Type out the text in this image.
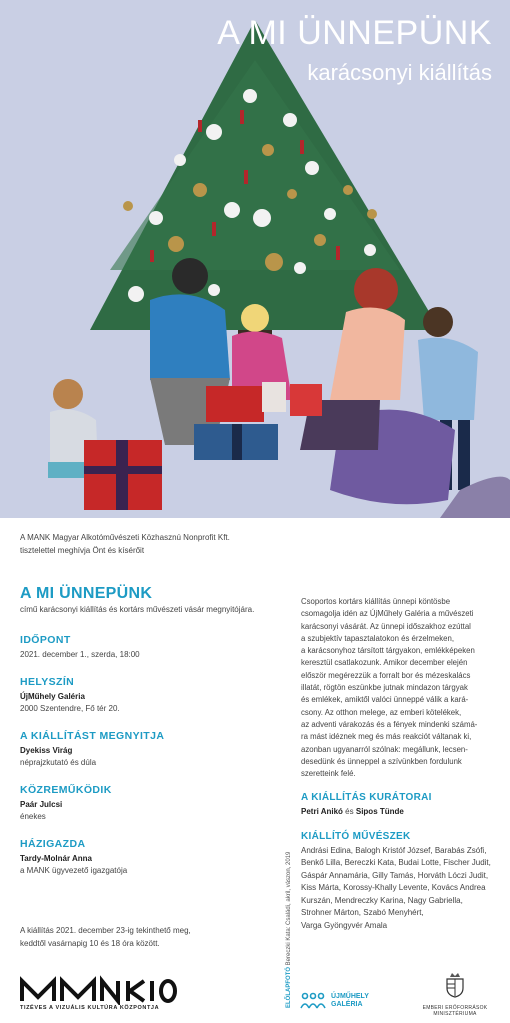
A MI ÜNNEPÜNK
karácsonyi kiállítás
A MANK Magyar Alkotóművészeti Közhasznú Nonprofit Kft.
tisztelettel meghívja Önt és kísérőit
A MI ÜNNEPÜNK
című karácsonyi kiállítás és kortárs művészeti vásár megnyitójára.
IDŐPONT
2021. december 1., szerda, 18:00
HELYSZÍN
ÚjMűhely Galéria
2000 Szentendre, Fő tér 20.
A KIÁLLÍTÁST MEGNYITJA
Dyekiss Virág
néprajzkutató és dúla
KÖZREMŰKÖDIK
Paár Julcsi
énekes
HÁZIGAZDA
Tardy-Molnár Anna
a MANK ügyvezető igazgatója
A kiállítás 2021. december 23-ig tekinthető meg,
keddtől vasárnapig 10 és 18 óra között.
Csoportos kortárs kiállítás ünnepi köntösbe
csomagolja idén az ÚjMűhely Galéria a művészeti
karácsonyi vásárát. Az ünnepi időszakhoz ezúttal
a szubjektív tapasztalatokon és érzelmeken,
a karácsonyhoz társított tárgyakon, emlékképeken
keresztül csatlakozunk. Amikor december elején
először megérezzük a forralt bor és mézeskalács
illatát, rögtön eszünkbe jutnak mindazon tárgyak
és emlékek, amiktől valóci ünneppé válik a kará-
csony. Az otthon melege, az emberi kötelékek,
az adventi várakozás és a fények mindenki számá-
ra mást idéznek meg és más reakciót váltanak ki,
azonban ugyanarról szólnak: megállunk, lecsen-
desedünk és ünneppel a szívünkben fordulunk
szeretteink felé.
A KIÁLLÍTÁS KURÁTORAI
Petri Anikó és Sipos Tünde
KIÁLLÍTÓ MŰVÉSZEK
Andrási Edina, Balogh Kristóf József, Barabás Zsófi,
Benkő Lilla, Bereczki Kata, Budai Lotte, Fischer Judit,
Gáspár Annamária, Gilly Tamás, Horváth Lóczi Judit,
Kiss Márta, Korossy-Khally Levente, Kovács Andrea
Kurszán, Mendreczky Karina, Nagy Gabriella,
Strohner Márton, Szabó Menyhért,
Varga Gyöngyvér Amala
ELŐLAPFOTÓ Bereczki Kata: Családi, akril, vászon, 2019
TIZÉVES A VIZUÁLIS KULTÚRA KÖZPONTJA
ÚJMŰHELY
GALÉRIA	EMBERI ERŐFORRÁSOK
MINISZTÉRIUMA
